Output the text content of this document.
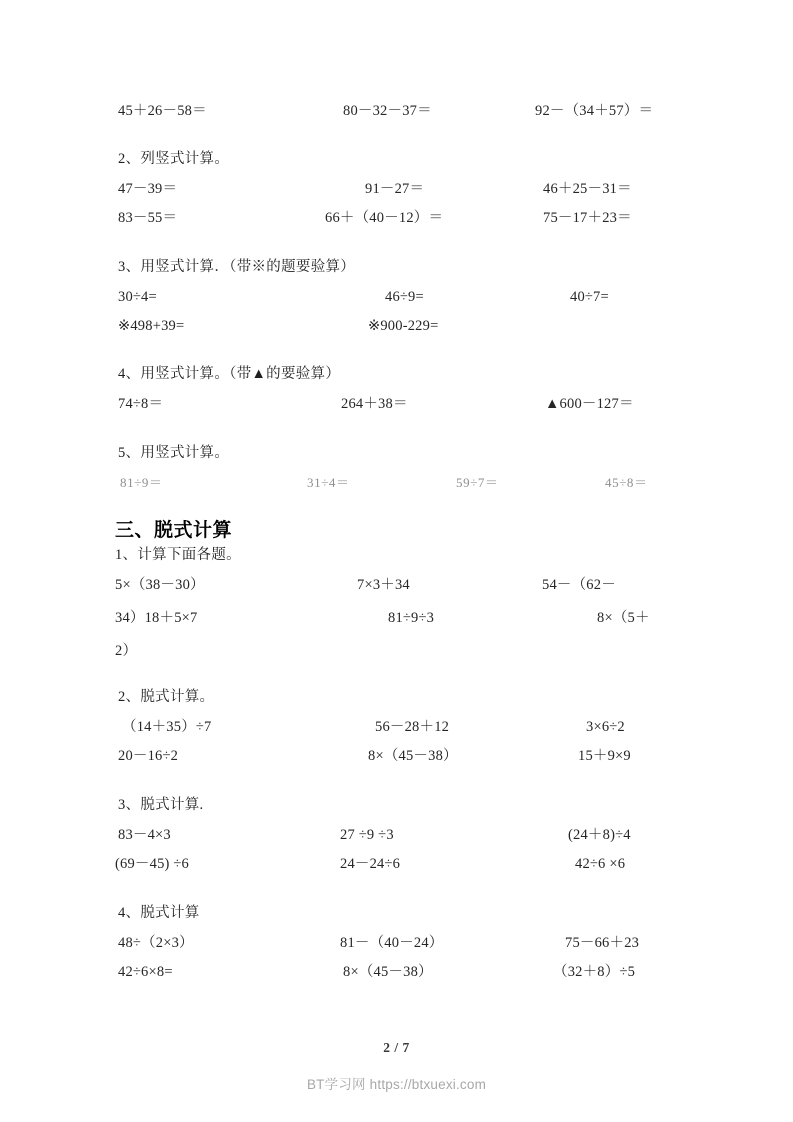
45＋26－58＝	80－32－37＝	92－（34＋57）＝
2、列竖式计算。
47－39＝	91－27＝	46＋25－31＝
83－55＝	66＋（40－12）＝	75－17＋23＝
3、用竖式计算．（带※的题要验算）
30÷4=	46÷9=	40÷7=
※498+39=	※900-229=
4、用竖式计算。（带▲的要验算）
74÷8＝	264＋38＝	▲600－127＝
5、用竖式计算。
81÷9＝	31÷4＝	59÷7＝	45÷8＝
三、脱式计算
1、计算下面各题。
5×（38－30）	7×3＋34	54－（62－
34）18＋5×7	81÷9÷3	8×（5＋
2）
2、脱式计算。
（14＋35）÷7	56－28＋12	3×6÷2
20－16÷2	8×（45－38）	15＋9×9
3、脱式计算.
83－4×3	27 ÷9 ÷3	(24＋8)÷4
(69－45) ÷6	24－24÷6	42÷6 ×6
4、脱式计算
48÷（2×3）	81－（40－24）	75－66＋23
42÷6×8=	8×（45－38）	（32＋8）÷5
2 / 7
BT学习网 https://btxuexi.com
